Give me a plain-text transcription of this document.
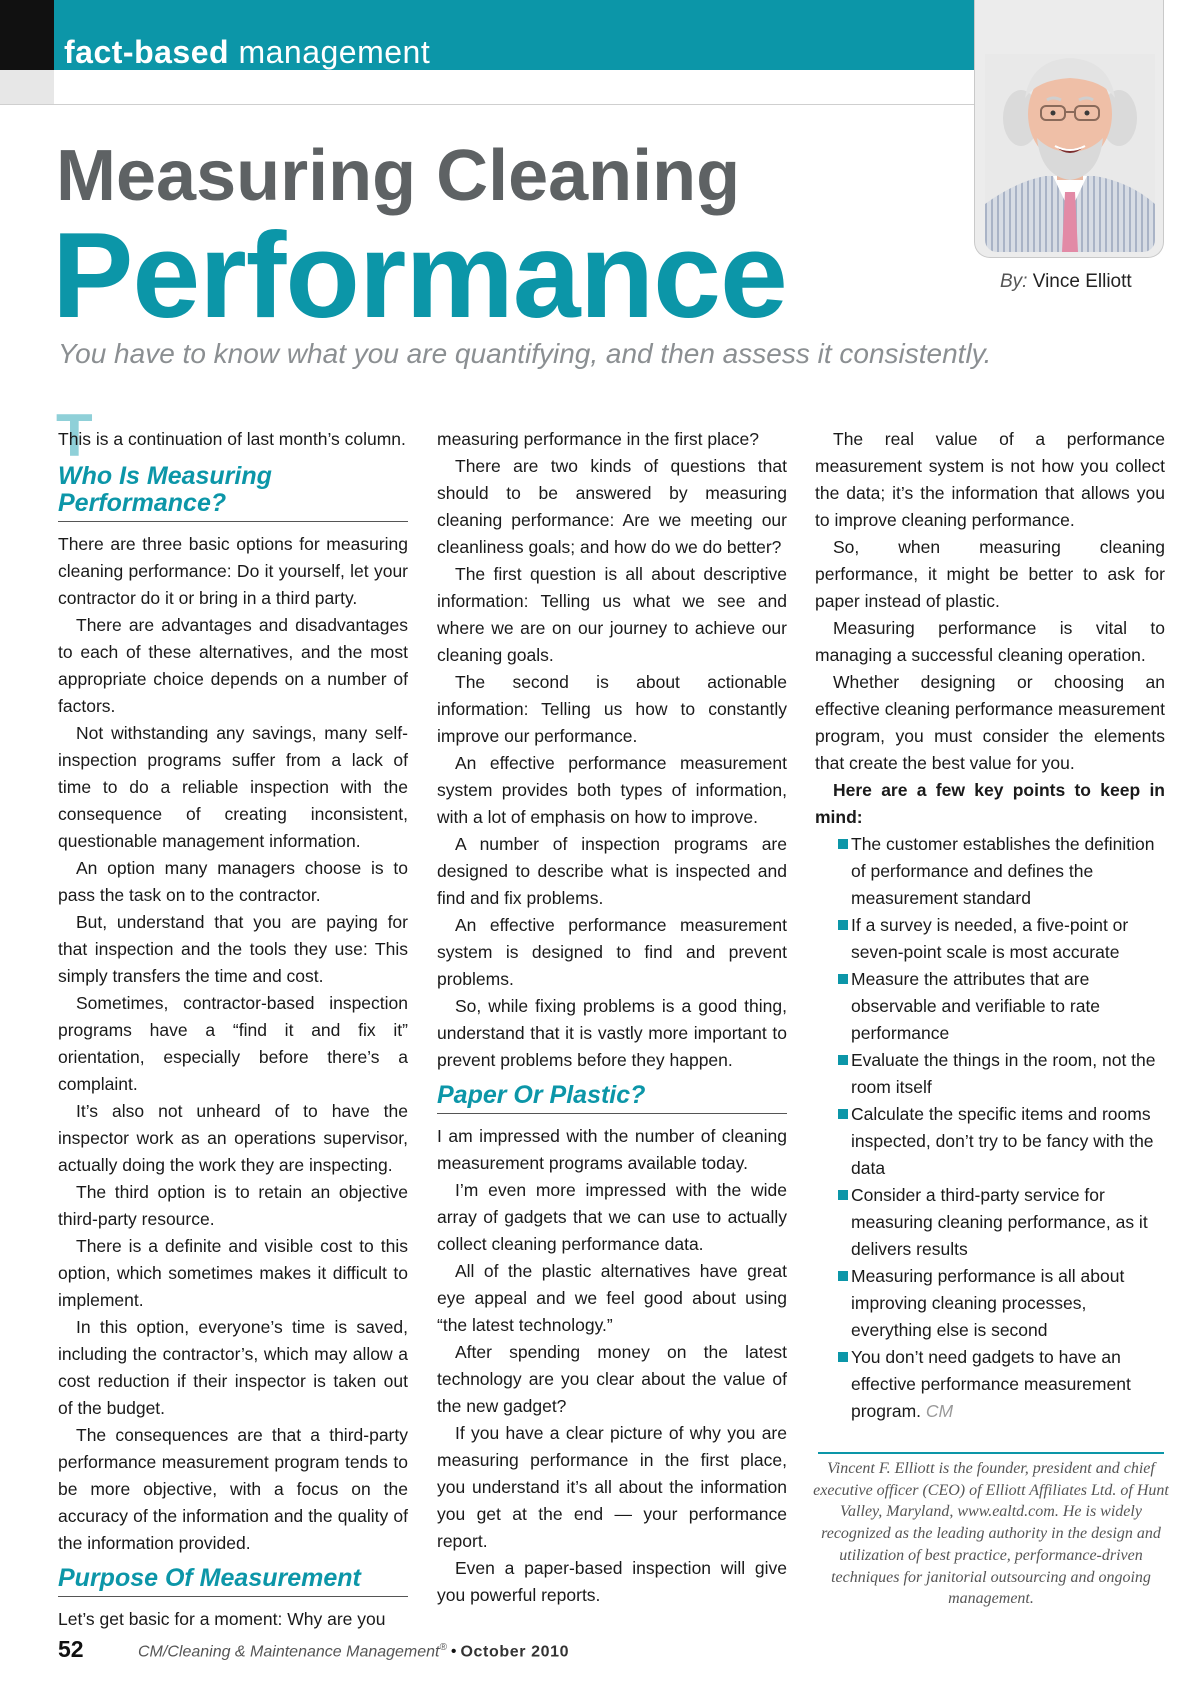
fact-based management
Measuring Cleaning
Performance
You have to know what you are quantifying, and then assess it consistently.
By: Vince Elliott
T

This is a continuation of last month’s column.

Who Is Measuring Performance?

There are three basic options for measuring cleaning performance: Do it yourself, let your contractor do it or bring in a third party.

There are advantages and disadvantages to each of these alternatives, and the most appropriate choice depends on a number of factors.

Not withstanding any savings, many self-inspection programs suffer from a lack of time to do a reliable inspection with the consequence of creating inconsistent, questionable management information.

An option many managers choose is to pass the task on to the contractor.

But, understand that you are paying for that inspection and the tools they use: This simply transfers the time and cost.

Sometimes, contractor-based inspection programs have a “find it and fix it” orientation, especially before there’s a complaint.

It’s also not unheard of to have the inspector work as an operations supervisor, actually doing the work they are inspecting.

The third option is to retain an objective third-party resource.

There is a definite and visible cost to this option, which sometimes makes it difficult to implement.

In this option, everyone’s time is saved, including the contractor’s, which may allow a cost reduction if their inspector is taken out of the budget.

The consequences are that a third-party performance measurement program tends to be more objective, with a focus on the accuracy of the information and the quality of the information provided.

Purpose Of Measurement

Let’s get basic for a moment: Why are you

measuring performance in the first place?

There are two kinds of questions that should to be answered by measuring cleaning performance: Are we meeting our cleanliness goals; and how do we do better?

The first question is all about descriptive information: Telling us what we see and where we are on our journey to achieve our cleaning goals.

The second is about actionable information: Telling us how to constantly improve our performance.

An effective performance measurement system provides both types of information, with a lot of emphasis on how to improve.

A number of inspection programs are designed to describe what is inspected and find and fix problems.

An effective performance measurement system is designed to find and prevent problems.

So, while fixing problems is a good thing, understand that it is vastly more important to prevent problems before they happen.

Paper Or Plastic?

I am impressed with the number of cleaning measurement programs available today.

I’m even more impressed with the wide array of gadgets that we can use to actually collect cleaning performance data.

All of the plastic alternatives have great eye appeal and we feel good about using “the latest technology.”

After spending money on the latest technology are you clear about the value of the new gadget?

If you have a clear picture of why you are measuring performance in the first place, you understand it’s all about the information you get at the end — your performance report.

Even a paper-based inspection will give you powerful reports.

The real value of a performance measurement system is not how you collect the data; it’s the information that allows you to improve cleaning performance.

So, when measuring cleaning performance, it might be better to ask for paper instead of plastic.

Measuring performance is vital to managing a successful cleaning operation.

Whether designing or choosing an effective cleaning performance measurement program, you must consider the elements that create the best value for you.

Here are a few key points to keep in mind:

The customer establishes the definition of performance and defines the measurement standard
If a survey is needed, a five-point or seven-point scale is most accurate
Measure the attributes that are observable and verifiable to rate performance
Evaluate the things in the room, not the room itself
Calculate the specific items and rooms inspected, don’t try to be fancy with the data
Consider a third-party service for measuring cleaning performance, as it delivers results
Measuring performance is all about improving cleaning processes, everything else is second
You don’t need gadgets to have an effective performance measurement program. CM
Vincent F. Elliott is the founder, president and chief executive officer (CEO) of Elliott Affiliates Ltd. of Hunt Valley, Maryland, www.ealtd.com. He is widely recognized as the leading authority in the design and utilization of best practice, performance-driven techniques for janitorial outsourcing and ongoing management.
52	CM/Cleaning & Maintenance Management® • October 2010
